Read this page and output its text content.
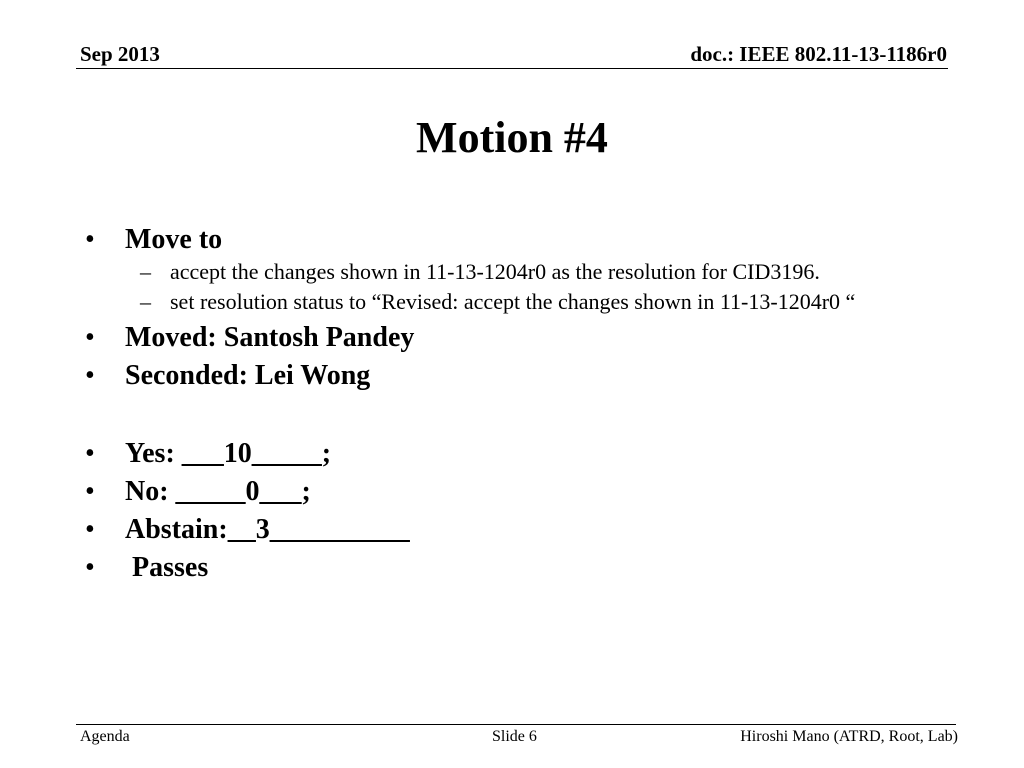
Sep 2013	doc.: IEEE 802.11-13-1186r0
Motion #4
• Move to
– accept the changes shown in 11-13-1204r0 as the resolution for CID3196.
– set resolution status to “Revised: accept the changes shown in 11-13-1204r0 “
• Moved: Santosh Pandey
• Seconded: Lei Wong
• Yes: ___10_____;
• No: _____0___;
• Abstain:__3__________
• Passes
Agenda	Slide 6	Hiroshi Mano (ATRD, Root, Lab)
